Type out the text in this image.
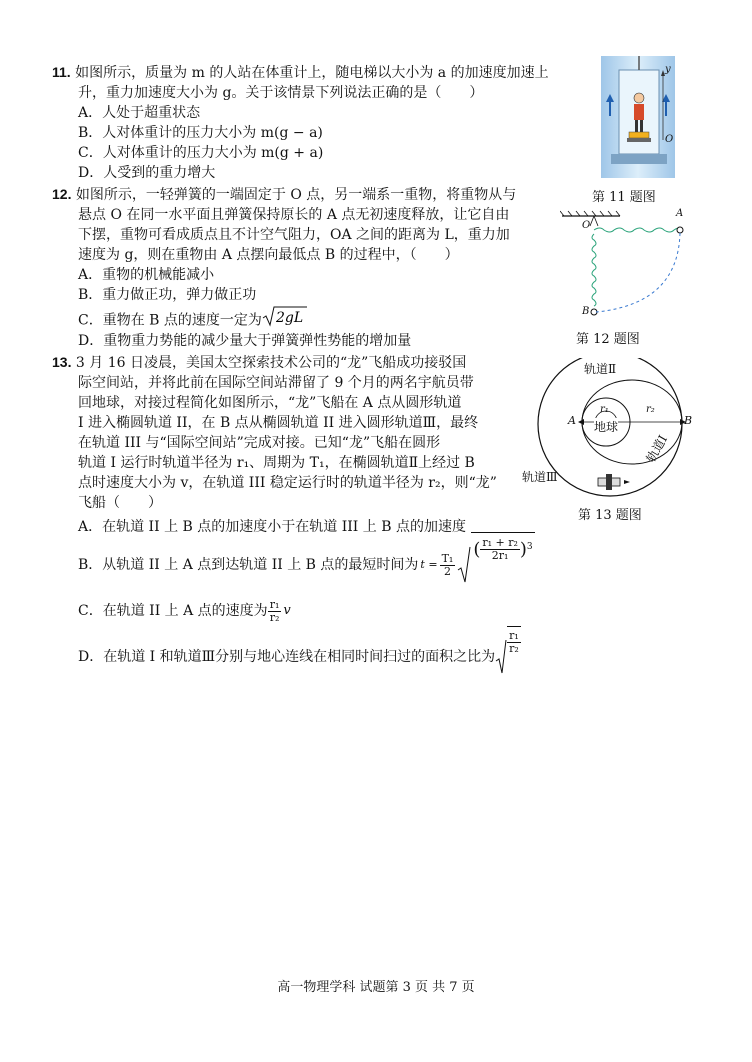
11. 如图所示，质量为 m 的人站在体重计上，随电梯以大小为 a 的加速度加速上
升，重力加速度大小为 g。关于该情景下列说法正确的是（　　）
A．人处于超重状态
B．人对体重计的压力大小为 m(g − a)
C．人对体重计的压力大小为 m(g + a)
D．人受到的重力增大
y
O
第 11 题图
12. 如图所示，一轻弹簧的一端固定于 O 点，另一端系一重物，将重物从与
悬点 O 在同一水平面且弹簧保持原长的 A 点无初速度释放，让它自由
下摆，重物可看成质点且不计空气阻力，OA 之间的距离为 L，重力加
速度为 g，则在重物由 A 点摆向最低点 B 的过程中，（　　）
A．重物的机械能减小
B．重力做正功，弹力做正功
C．重物在 B 点的速度一定为 2gL
D．重物重力势能的减少量大于弹簧弹性势能的增加量
O
A
B
第 12 题图
13. 3 月 16 日凌晨，美国太空探索技术公司的“龙”飞船成功接驳国
际空间站，并将此前在国际空间站滞留了 9 个月的两名宇航员带
回地球，对接过程简化如图所示，“龙”飞船在 A 点从圆形轨道
I 进入椭圆轨道 II，在 B 点从椭圆轨道 II 进入圆形轨道Ⅲ，最终
在轨道 III 与“国际空间站”完成对接。已知“龙”飞船在圆形
轨道 I 运行时轨道半径为 r₁、周期为 T₁，在椭圆轨道Ⅱ上经过 B
点时速度大小为 v，在轨道 III 稳定运行时的轨道半径为 r₂，则“龙”
飞船（　　）
A．在轨道 II 上 B 点的加速度小于在轨道 III 上 B 点的加速度
B．从轨道 II 上 A 点到达轨道 II 上 B 点的最短时间为 $t = \frac{\text{T₁}}{2}$
( $\frac{\text{r₁ + r₂}}{\text{2r₁}}$ ) 3
C．在轨道 II 上 A 点的速度为 $\frac{\text{r₁}}{\text{r₂}}$ v
D．在轨道 I 和轨道Ⅲ分别与地心连线在相同时间扫过的面积之比为
$\frac{\text{r₁}}{\text{r₂}}$
轨道Ⅱ
轨道Ⅰ
轨道Ⅲ
地球
A	B
r₁	r₂
第 13 题图
高一物理学科 试题第 3 页 共 7 页
